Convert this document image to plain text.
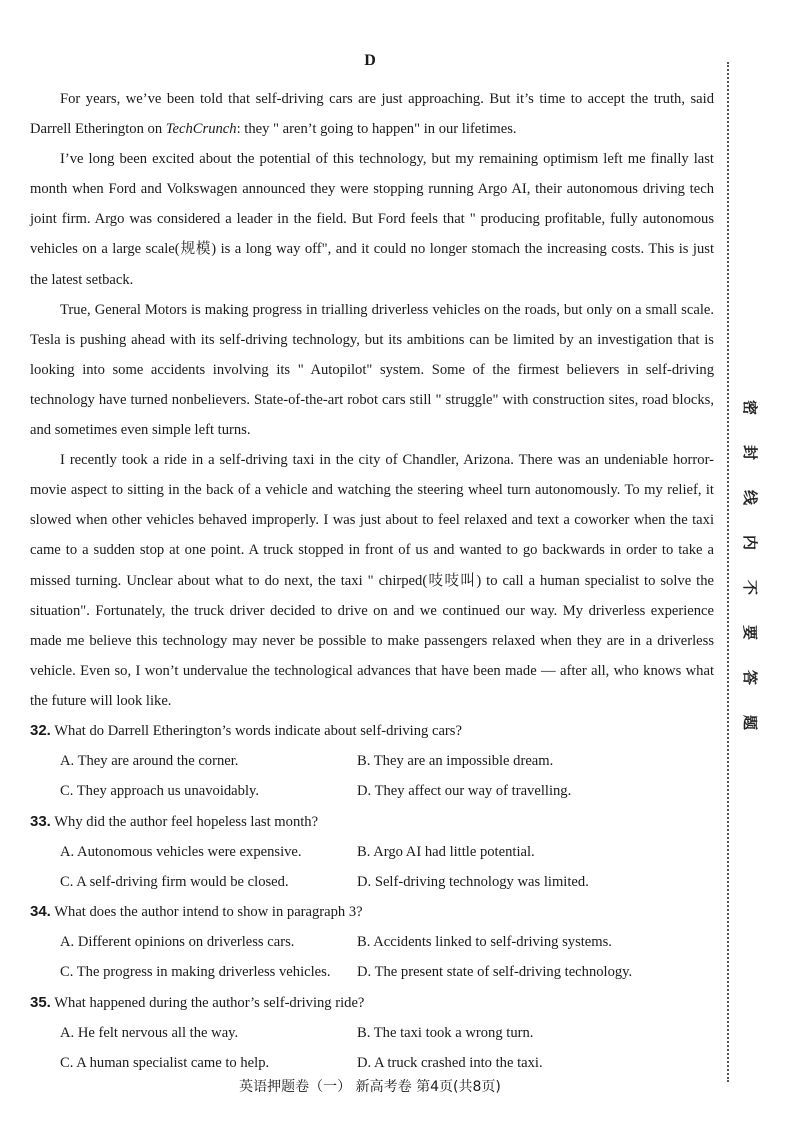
D

For years, we’ve been told that self-driving cars are just approaching. But it’s time to accept the truth, said Darrell Etherington on TechCrunch: they " aren’t going to happen" in our lifetimes.

I’ve long been excited about the potential of this technology, but my remaining optimism left me finally last month when Ford and Volkswagen announced they were stopping running Argo AI, their autonomous driving tech joint firm. Argo was considered a leader in the field. But Ford feels that " producing profitable, fully autonomous vehicles on a large scale(规模) is a long way off", and it could no longer stomach the increasing costs. This is just the latest setback.

True, General Motors is making progress in trialling driverless vehicles on the roads, but only on a small scale. Tesla is pushing ahead with its self-driving technology, but its ambitions can be limited by an investigation that is looking into some accidents involving its " Autopilot" system. Some of the firmest believers in self-driving technology have turned nonbelievers. State-of-the-art robot cars still " struggle" with construction sites, road blocks, and sometimes even simple left turns.

I recently took a ride in a self-driving taxi in the city of Chandler, Arizona. There was an undeniable horror-movie aspect to sitting in the back of a vehicle and watching the steering wheel turn autonomously. To my relief, it slowed when other vehicles behaved improperly. I was just about to feel relaxed and text a coworker when the taxi came to a sudden stop at one point. A truck stopped in front of us and wanted to go backwards in order to take a missed turning. Unclear about what to do next, the taxi " chirped(吱吱叫) to call a human specialist to solve the situation". Fortunately, the truck driver decided to drive on and we continued our way. My driverless experience made me believe this technology may never be possible to make passengers relaxed when they are in a driverless vehicle. Even so, I won’t undervalue the technological advances that have been made — after all, who knows what the future will look like.

32. What do Darrell Etherington’s words indicate about self-driving cars?
A. They are around the corner.	B. They are an impossible dream.
C. They approach us unavoidably.	D. They affect our way of travelling.
33. Why did the author feel hopeless last month?
A. Autonomous vehicles were expensive.	B. Argo AI had little potential.
C. A self-driving firm would be closed.	D. Self-driving technology was limited.
34. What does the author intend to show in paragraph 3?
A. Different opinions on driverless cars.	B. Accidents linked to self-driving systems.
C. The progress in making driverless vehicles.	D. The present state of self-driving technology.
35. What happened during the author’s self-driving ride?
A. He felt nervous all the way.	B. The taxi took a wrong turn.
C. A human specialist came to help.	D. A truck crashed into the taxi.
密
封
线
内
不
要
答
题
英语押题卷（一） 新高考卷 第4页(共8页)
